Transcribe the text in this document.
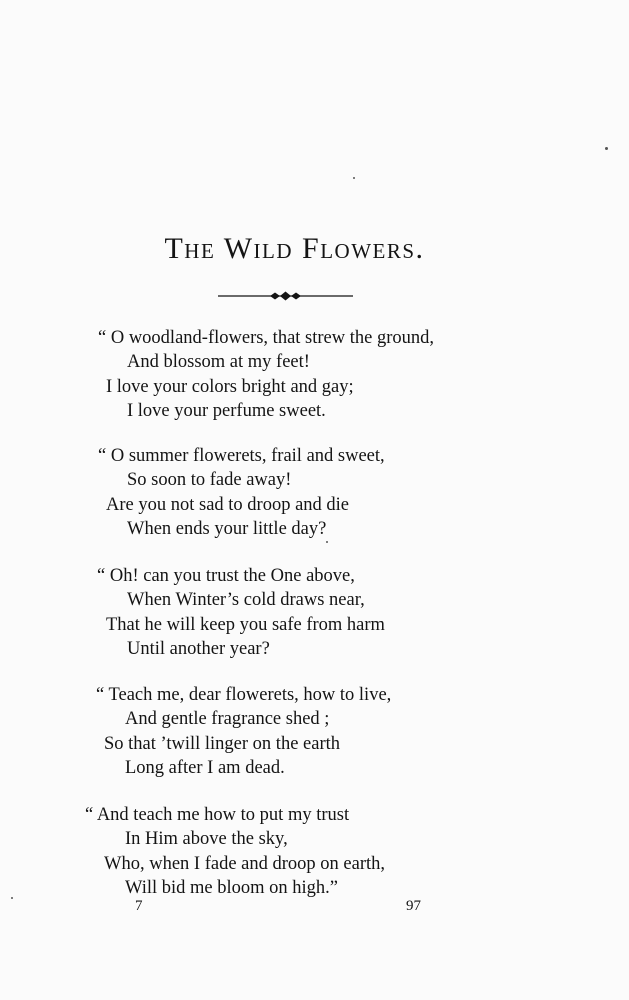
The Wild Flowers.
“ O woodland-flowers, that strew the ground,
And blossom at my feet!
I love your colors bright and gay;
I love your perfume sweet.
“ O summer flowerets, frail and sweet,
So soon to fade away!
Are you not sad to droop and die
When ends your little day?
“ Oh! can you trust the One above,
When Winter’s cold draws near,
That he will keep you safe from harm
Until another year?
“ Teach me, dear flowerets, how to live,
And gentle fragrance shed ;
So that ’twill linger on the earth
Long after I am dead.
“ And teach me how to put my trust
In Him above the sky,
Who, when I fade and droop on earth,
Will bid me bloom on high.”
7	97
